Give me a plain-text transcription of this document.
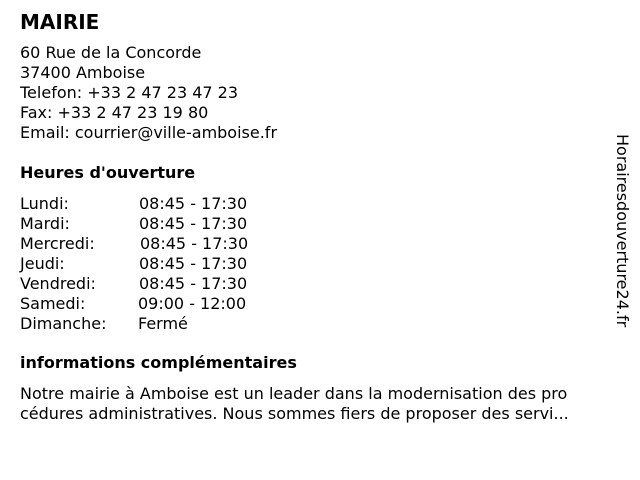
MAIRIE
60 Rue de la Concorde
37400 Amboise
Telefon: +33 2 47 23 47 23
Fax: +33 2 47 23 19 80
Email: courrier@ville-amboise.fr
Heures d'ouverture
Lundi:	08:45 - 17:30
Mardi:	08:45 - 17:30
Mercredi:	08:45 - 17:30
Jeudi:	08:45 - 17:30
Vendredi:	08:45 - 17:30
Samedi:	09:00 - 12:00
Dimanche:	Fermé
informations complémentaires
Notre mairie à Amboise est un leader dans la modernisation des pro
cédures administratives. Nous sommes fiers de proposer des servi...
Horairesdouverture24.fr
